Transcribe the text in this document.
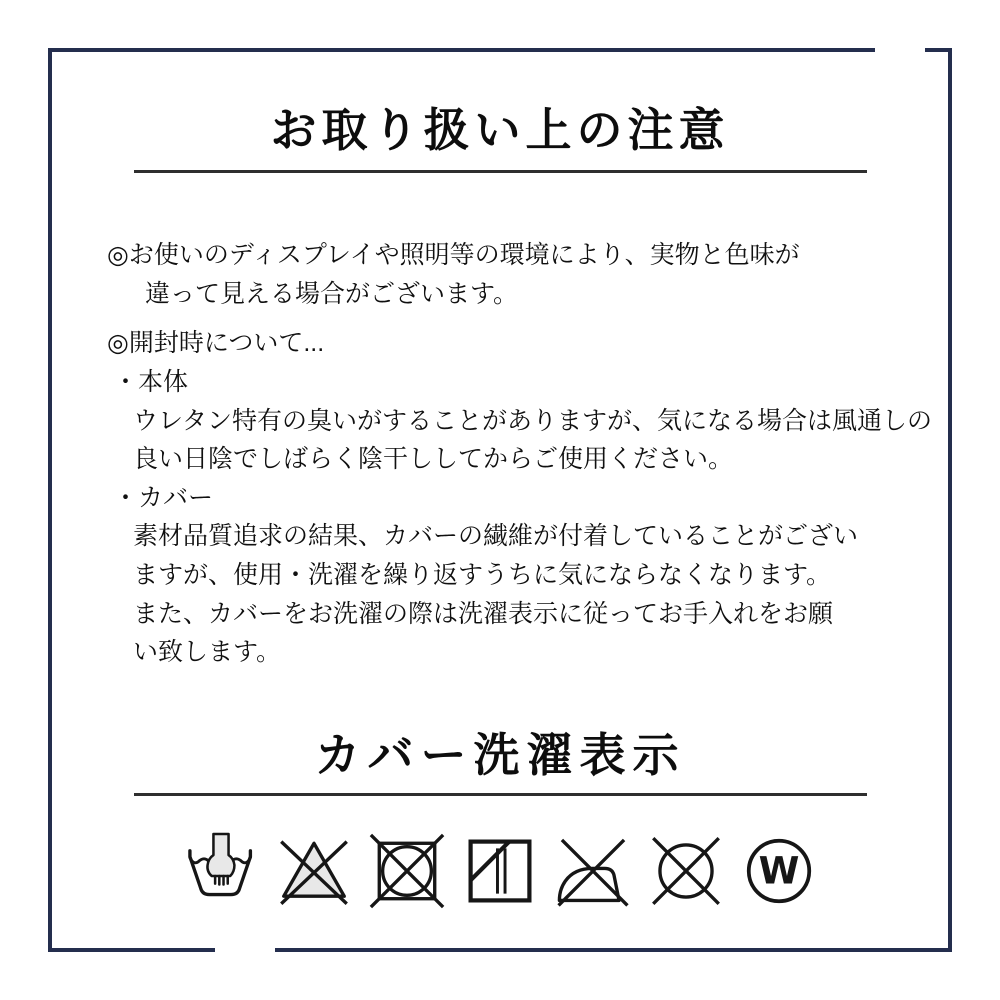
お取り扱い上の注意
◎お使いのディスプレイや照明等の環境により、実物と色味が
違って見える場合がございます。
◎開封時について...
・本体
ウレタン特有の臭いがすることがありますが、気になる場合は風通しの
良い日陰でしばらく陰干ししてからご使用ください。
・カバー
素材品質追求の結果、カバーの繊維が付着していることがござい
ますが、使用・洗濯を繰り返すうちに気にならなくなります。
また、カバーをお洗濯の際は洗濯表示に従ってお手入れをお願
い致します。
カバー洗濯表示
W
